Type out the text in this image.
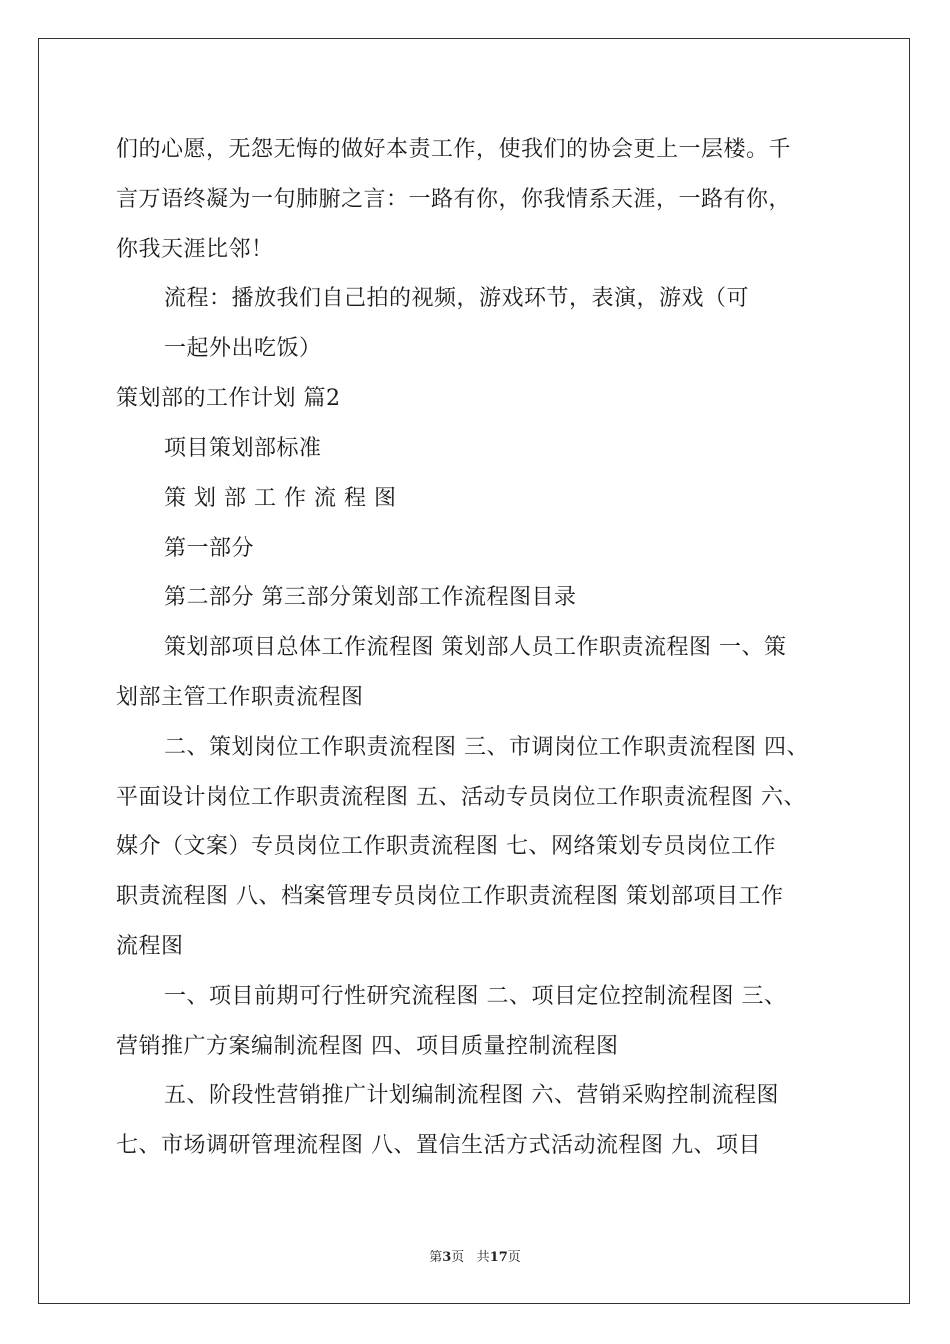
们的心愿，无怨无悔的做好本责工作，使我们的协会更上一层楼。千
言万语终凝为一句肺腑之言：一路有你，你我情系天涯，一路有你，
你我天涯比邻！
流程：播放我们自己拍的视频，游戏环节，表演，游戏（可
一起外出吃饭）
策划部的工作计划 篇2
项目策划部标准
策 划 部 工 作 流 程 图
第一部分
第二部分 第三部分策划部工作流程图目录
策划部项目总体工作流程图 策划部人员工作职责流程图 一、策
划部主管工作职责流程图
二、策划岗位工作职责流程图 三、市调岗位工作职责流程图 四、
平面设计岗位工作职责流程图 五、活动专员岗位工作职责流程图 六、
媒介（文案）专员岗位工作职责流程图 七、网络策划专员岗位工作
职责流程图 八、档案管理专员岗位工作职责流程图 策划部项目工作
流程图
一、项目前期可行性研究流程图 二、项目定位控制流程图 三、
营销推广方案编制流程图 四、项目质量控制流程图
五、阶段性营销推广计划编制流程图 六、营销采购控制流程图
七、市场调研管理流程图 八、置信生活方式活动流程图 九、项目
第3页 共17页
